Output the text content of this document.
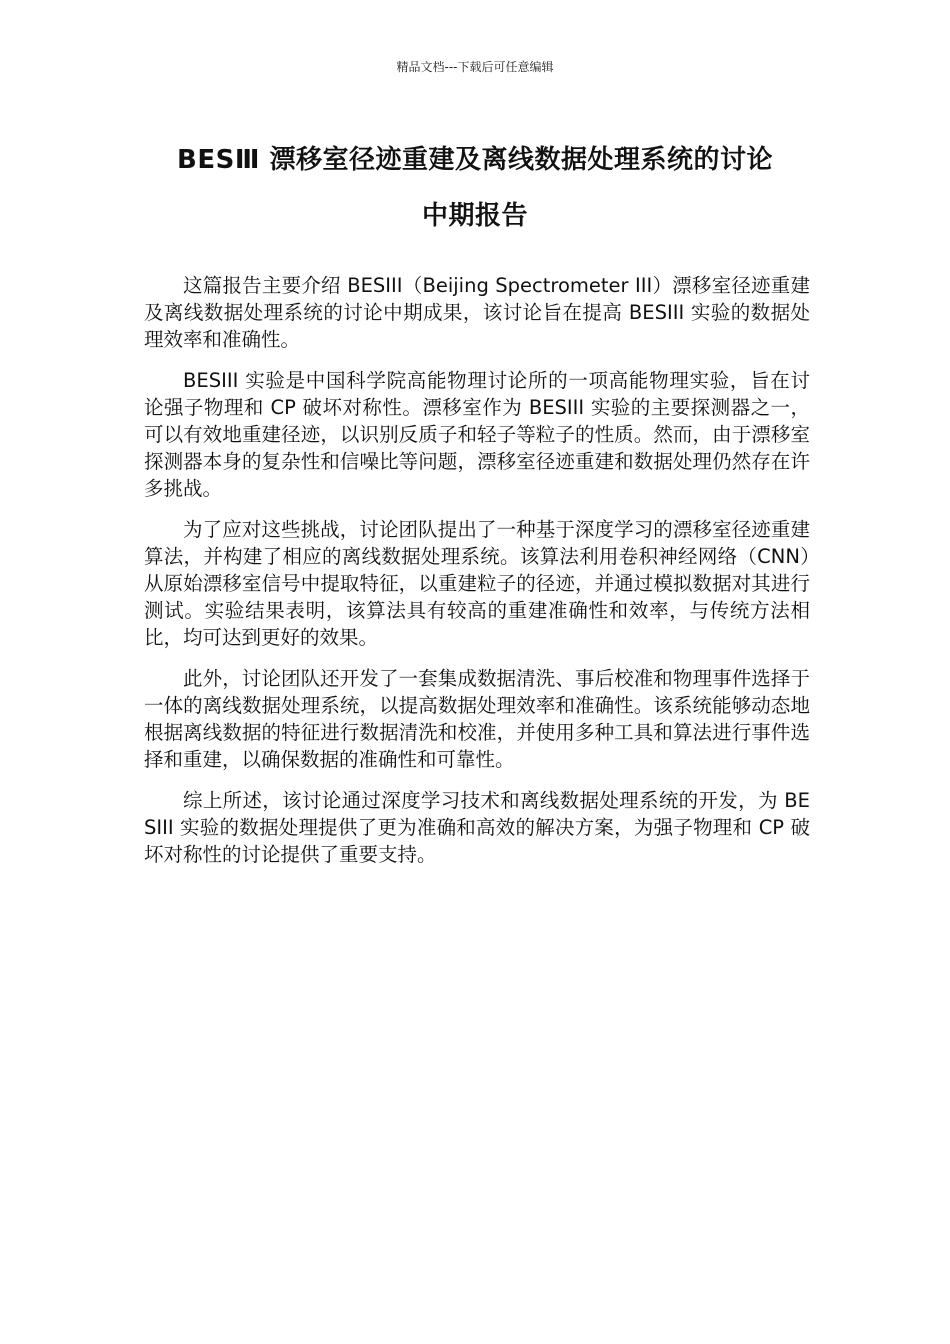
精品文档---下载后可任意编辑
BESⅢ 漂移室径迹重建及离线数据处理系统的讨论
中期报告

这篇报告主要介绍 BESIII（Beijing Spectrometer III）漂移室径迹重建及离线数据处理系统的讨论中期成果，该讨论旨在提高 BESIII 实验的数据处理效率和准确性。

BESIII 实验是中国科学院高能物理讨论所的一项高能物理实验，旨在讨论强子物理和 CP 破坏对称性。漂移室作为 BESIII 实验的主要探测器之一，可以有效地重建径迹，以识别反质子和轻子等粒子的性质。然而，由于漂移室探测器本身的复杂性和信噪比等问题，漂移室径迹重建和数据处理仍然存在许多挑战。

为了应对这些挑战，讨论团队提出了一种基于深度学习的漂移室径迹重建算法，并构建了相应的离线数据处理系统。该算法利用卷积神经网络（CNN）从原始漂移室信号中提取特征，以重建粒子的径迹，并通过模拟数据对其进行测试。实验结果表明，该算法具有较高的重建准确性和效率，与传统方法相比，均可达到更好的效果。

此外，讨论团队还开发了一套集成数据清洗、事后校准和物理事件选择于一体的离线数据处理系统，以提高数据处理效率和准确性。该系统能够动态地根据离线数据的特征进行数据清洗和校准，并使用多种工具和算法进行事件选择和重建，以确保数据的准确性和可靠性。

综上所述，该讨论通过深度学习技术和离线数据处理系统的开发，为 BESIII 实验的数据处理提供了更为准确和高效的解决方案，为强子物理和 CP 破坏对称性的讨论提供了重要支持。
